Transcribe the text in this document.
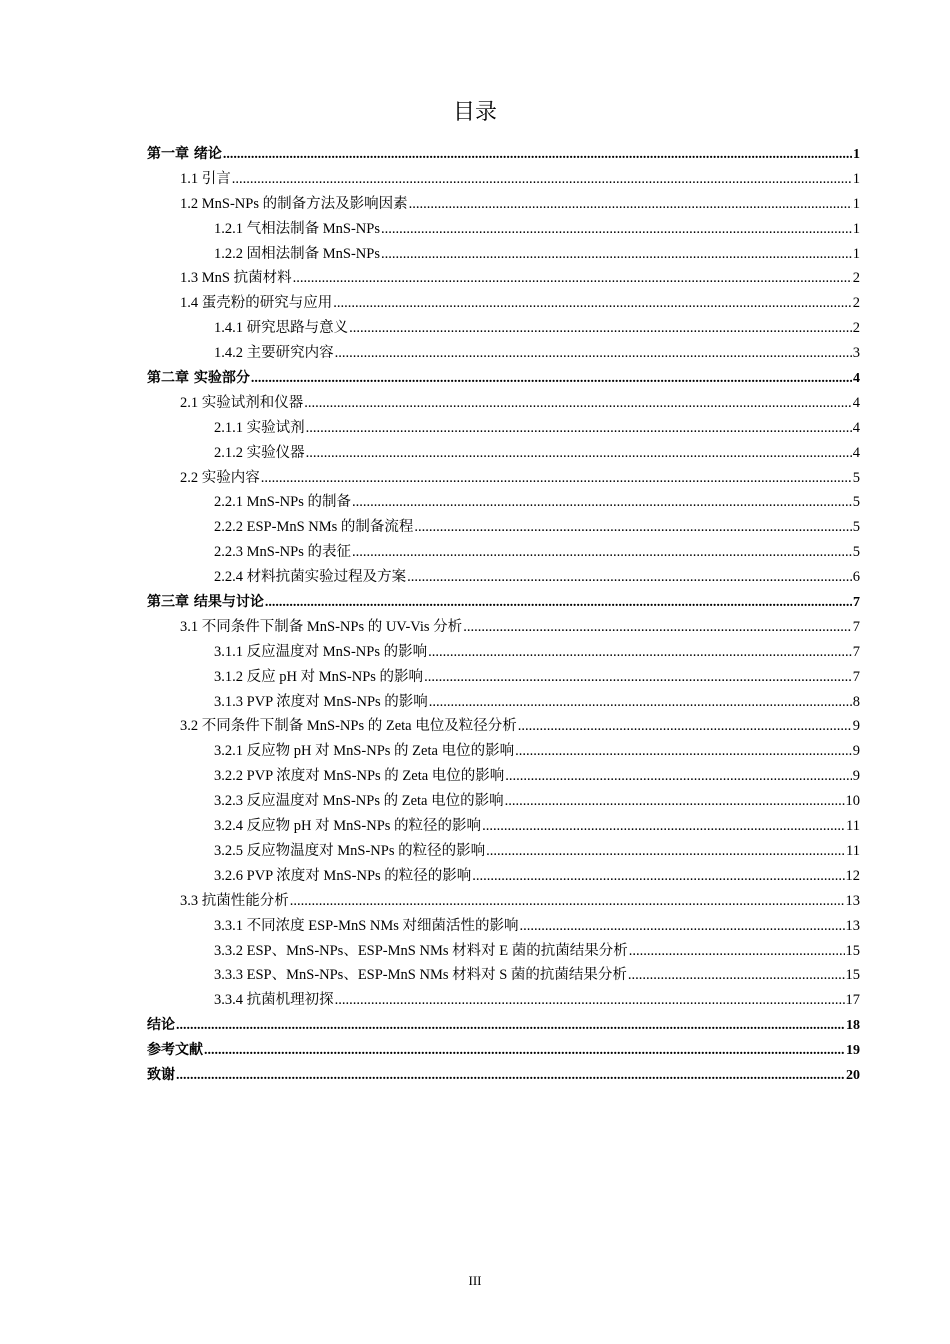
目录
第一章 绪论 .....	1
1.1 引言 .....	1
1.2 MnS-NPs 的制备方法及影响因素 .....	1
1.2.1 气相法制备 MnS-NPs .....	1
1.2.2 固相法制备 MnS-NPs .....	1
1.3 MnS 抗菌材料 .....	2
1.4 蛋壳粉的研究与应用 .....	2
1.4.1 研究思路与意义 .....	2
1.4.2 主要研究内容 .....	3
第二章 实验部分 .....	4
2.1 实验试剂和仪器 .....	4
2.1.1 实验试剂 .....	4
2.1.2 实验仪器 .....	4
2.2 实验内容 .....	5
2.2.1 MnS-NPs 的制备 .....	5
2.2.2 ESP-MnS NMs 的制备流程 .....	5
2.2.3 MnS-NPs 的表征 .....	5
2.2.4 材料抗菌实验过程及方案 .....	6
第三章 结果与讨论 .....	7
3.1 不同条件下制备 MnS-NPs 的 UV-Vis 分析 .....	7
3.1.1 反应温度对 MnS-NPs 的影响 .....	7
3.1.2 反应 pH 对 MnS-NPs 的影响 .....	7
3.1.3 PVP 浓度对 MnS-NPs 的影响 .....	8
3.2 不同条件下制备 MnS-NPs 的 Zeta 电位及粒径分析 .....	9
3.2.1 反应物 pH 对 MnS-NPs 的 Zeta 电位的影响 .....	9
3.2.2 PVP 浓度对 MnS-NPs 的 Zeta 电位的影响 .....	9
3.2.3 反应温度对 MnS-NPs 的 Zeta 电位的影响 .....	10
3.2.4 反应物 pH 对 MnS-NPs 的粒径的影响 .....	11
3.2.5 反应物温度对 MnS-NPs 的粒径的影响 .....	11
3.2.6 PVP 浓度对 MnS-NPs 的粒径的影响 .....	12
3.3 抗菌性能分析 .....	13
3.3.1 不同浓度 ESP-MnS NMs 对细菌活性的影响 .....	13
3.3.2 ESP、MnS-NPs、ESP-MnS NMs 材料对 E 菌的抗菌结果分析 .....	15
3.3.3 ESP、MnS-NPs、ESP-MnS NMs 材料对 S 菌的抗菌结果分析 .....	15
3.3.4 抗菌机理初探 .....	17
结论 .....	18
参考文献 .....	19
致谢 .....	20
III
